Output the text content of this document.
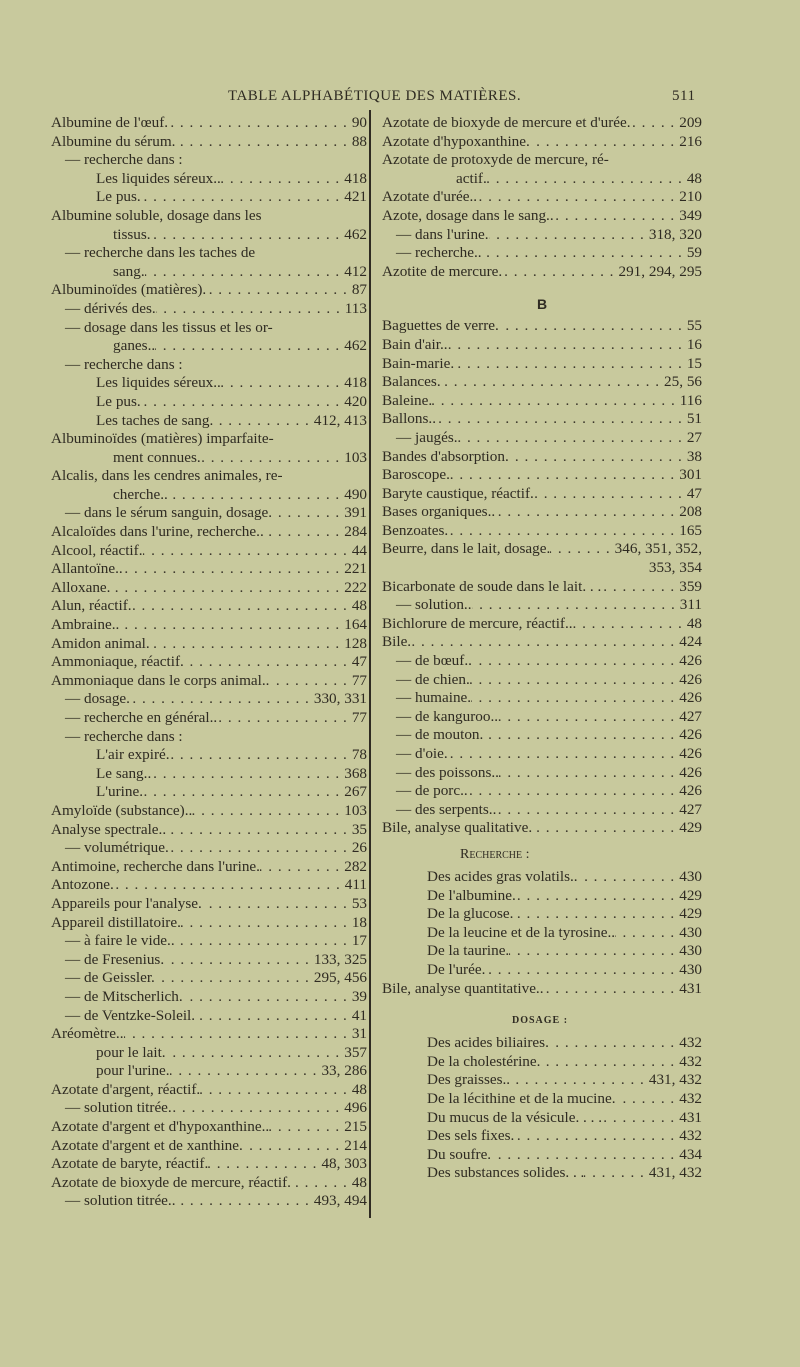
TABLE ALPHABÉTIQUE DES MATIÈRES.	511
Albumine de l'œuf. . . .	90
Albumine du sérum. . . .	88
— recherche dans :
Les liquides séreux.. . . .	418
Le pus. . . .	421
Albumine soluble, dosage dans les
tissus. . . .	462
— recherche dans les taches de
sang. . . .	412
Albuminoïdes (matières). . . .	87
— dérivés des. . . .	113
— dosage dans les tissus et les or-
ganes.. . . .	462
— recherche dans :
Les liquides séreux.. . . .	418
Le pus. . . .	420
Les taches de sang. . . .	412, 413
Albuminoïdes (matières) imparfaite-
ment connues. . . .	103
Alcalis, dans les cendres animales, re-
cherche.. . . .	490
— dans le sérum sanguin, dosage. . . .	391
Alcaloïdes dans l'urine, recherche.. . . .	284
Alcool, réactif. . . .	44
Allantoïne.. . . .	221
Alloxane. . . .	222
Alun, réactif. . . .	48
Ambraine.. . . .	164
Amidon animal. . . .	128
Ammoniaque, réactif. . . .	47
Ammoniaque dans le corps animal.. . . .	77
— dosage. . . .	330, 331
— recherche en général.. . . .	77
— recherche dans :
L'air expiré. . . .	78
Le sang.. . . .	368
L'urine. . . .	267
Amyloïde (substance).. . . .	103
Analyse spectrale.. . . .	35
— volumétrique. . . .	26
Antimoine, recherche dans l'urine. . . .	282
Antozone. . . .	411
Appareils pour l'analyse. . . .	53
Appareil distillatoire. . . .	18
— à faire le vide.. . . .	17
— de Fresenius. . . .	133, 325
— de Geissler. . . .	295, 456
— de Mitscherlich. . . .	39
— de Ventzke-Soleil. . . .	41
Aréomètre.. . . .	31
pour le lait. . . .	357
pour l'urine. . . .	33, 286
Azotate d'argent, réactif. . . .	48
— solution titrée. . . .	496
Azotate d'argent et d'hypoxanthine.. . . .	215
Azotate d'argent et de xanthine. . . .	214
Azotate de baryte, réactif. . . .	48, 303
Azotate de bioxyde de mercure, réactif. . . .	48
— solution titrée.. . . .	493, 494
Azotate de bioxyde de mercure et d'urée. . . .	209
Azotate d'hypoxanthine. . . .	216
Azotate de protoxyde de mercure, ré-
actif. . . .	48
Azotate d'urée.. . . .	210
Azote, dosage dans le sang.. . . .	349
— dans l'urine. . . .	318, 320
— recherche.. . . .	59
Azotite de mercure. . . .	291, 294, 295
B
Baguettes de verre. . . .	55
Bain d'air.. . . .	16
Bain-marie. . . .	15
Balances. . . .	25, 56
Baleine. . . .	116
Ballons.. . . .	51
— jaugés. . . .	27
Bandes d'absorption. . . .	38
Baroscope. . . .	301
Baryte caustique, réactif. . . .	47
Bases organiques.. . . .	208
Benzoates. . . .	165
Beurre, dans le lait, dosage. . . .	346, 351, 352,
353, 354
Bicarbonate de soude dans le lait. . . . . .	359
— solution.. . . .	311
Bichlorure de mercure, réactif.. . . .	48
Bile. . . .	424
— de bœuf.. . . .	426
— de chien. . . .	426
— humaine. . . .	426
— de kanguroo.. . . .	427
— de mouton. . . .	426
— d'oie. . . .	426
— des poissons.. . . .	426
— de porc.. . . .	426
— des serpents.. . . .	427
Bile, analyse qualitative. . . .	429
Recherche :
Des acides gras volatils.. . . .	430
De l'albumine. . . .	429
De la glucose. . . .	429
De la leucine et de la tyrosine.. . . .	430
De la taurine. . . .	430
De l'urée. . . .	430
Bile, analyse quantitative.. . . .	431
DOSAGE :
Des acides biliaires. . . .	432
De la cholestérine. . . .	432
Des graisses.. . . .	431, 432
De la lécithine et de la mucine. . . .	432
Du mucus de la vésicule. . . . . . .	431
Des sels fixes. . . .	432
Du soufre. . . .	434
Des substances solides. . . . . .	431, 432
